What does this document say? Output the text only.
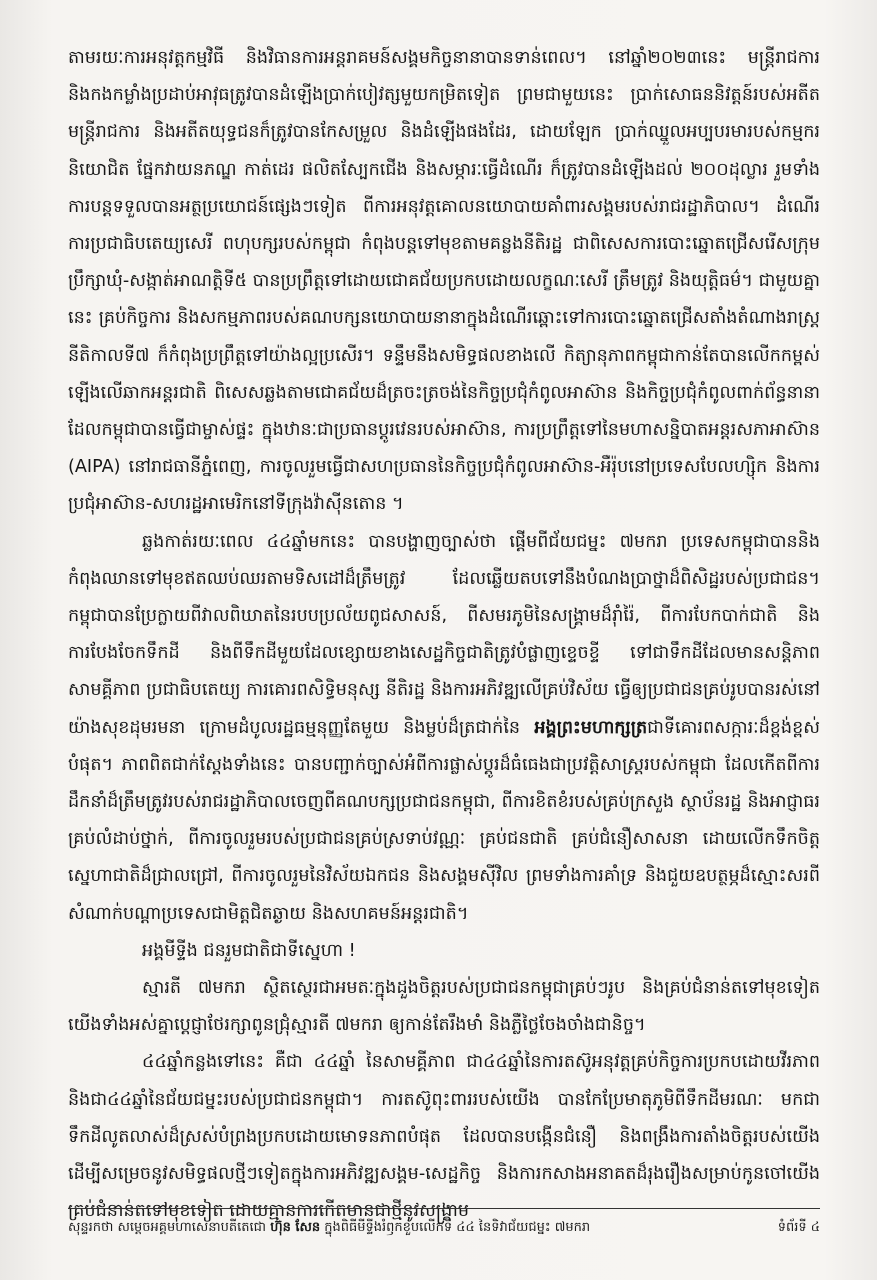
តាមរយៈការអនុវត្តកម្មវិធី និងវិធានការអន្តរាគមន៍សង្គមកិច្ចនានាបានទាន់ពេល។ នៅឆ្នាំ២០២៣នេះ មន្ត្រីរាជការ និងកងកម្លាំងប្រដាប់អាវុធត្រូវបានដំឡើងប្រាក់បៀវត្សមួយកម្រិតទៀត ព្រមជាមួយនេះ ប្រាក់សោធននិវត្តន៍របស់អតីតមន្ត្រីរាជការ និងអតីតយុទ្ធជនក៏ត្រូវបានកែសម្រួល និងដំឡើងផងដែរ, ដោយឡែក ប្រាក់ឈ្នួលអប្បបរមារបស់កម្មករ និយោជិត ផ្នែកវាយនភណ្ឌ កាត់ដេរ ផលិតស្បែកជើង និងសម្ភារៈធ្វើដំណើរ ក៏ត្រូវបានដំឡើងដល់ ២០០ដុល្លារ រួមទាំងការបន្តទទួលបានអត្ថប្រយោជន៍ផ្សេងៗទៀត ពីការអនុវត្តគោលនយោបាយគាំពារសង្គមរបស់រាជរដ្ឋាភិបាល។ ដំណើរការប្រជាធិបតេយ្យសេរី ពហុបក្សរបស់កម្ពុជា កំពុងបន្តទៅមុខតាមគន្លងនីតិរដ្ឋ ជាពិសេសការបោះឆ្នោតជ្រើសរើសក្រុមប្រឹក្សាឃុំ-សង្កាត់អាណត្តិទី៥ បានប្រព្រឹត្តទៅដោយជោគជ័យប្រកបដោយលក្ខណៈសេរី ត្រឹមត្រូវ និងយុត្តិធម៌។ ជាមួយគ្នានេះ គ្រប់កិច្ចការ និងសកម្មភាពរបស់គណបក្សនយោបាយនានាក្នុងដំណើរឆ្ពោះទៅការបោះឆ្នោតជ្រើសតាំងតំណាងរាស្ត្រនីតិកាលទី៧ ក៏កំពុងប្រព្រឹត្តទៅយ៉ាងល្អប្រសើរ។ ទន្ទឹមនឹងសមិទ្ធផលខាងលើ កិត្យានុភាពកម្ពុជាកាន់តែបានលើកកម្ពស់ឡើងលើឆាកអន្តរជាតិ ពិសេសឆ្លងតាមជោគជ័យដ៏ត្រចះត្រចង់នៃកិច្ចប្រជុំកំពូលអាស៊ាន និងកិច្ចប្រជុំកំពូលពាក់ព័ន្ធនានា ដែលកម្ពុជាបានធ្វើជាម្ចាស់ផ្ទះ ក្នុងឋានៈជាប្រធានប្តូរវេនរបស់អាស៊ាន, ការប្រព្រឹត្តទៅនៃមហាសន្និបាតអន្តរសភាអាស៊ាន (AIPA) នៅរាជធានីភ្នំពេញ, ការចូលរួមធ្វើជាសហប្រធាននៃកិច្ចប្រជុំកំពូលអាស៊ាន-អឺរ៉ុបនៅប្រទេសបែលហ្ស៊ិក និងការប្រជុំអាស៊ាន-សហរដ្ឋអាមេរិកនៅទីក្រុងវ៉ាស៊ីនតោន ។

ឆ្លងកាត់រយៈពេល ៤៤ឆ្នាំមកនេះ បានបង្ហាញច្បាស់ថា ផ្តើមពីជ័យជម្នះ ៧មករា ប្រទេសកម្ពុជាបាននិងកំពុងឈានទៅមុខឥតឈប់ឈរតាមទិសដៅដ៏ត្រឹមត្រូវ ដែលឆ្លើយតបទៅនឹងបំណងប្រាថ្នាដ៏ពិសិដ្ឋរបស់ប្រជាជន។ កម្ពុជាបានប្រែក្លាយពីវាលពិឃាតនៃរបបប្រល័យពូជសាសន៍, ពីសមរភូមិនៃសង្គ្រាមដ៏រ៉ាំរ៉ៃ, ពីការបែកបាក់ជាតិ និងការបែងចែកទឹកដី និងពីទឹកដីមួយដែលខ្សោយខាងសេដ្ឋកិច្ចជាតិត្រូវបំផ្លាញខ្ទេចខ្ទី ទៅជាទឹកដីដែលមានសន្តិភាព សាមគ្គីភាព ប្រជាធិបតេយ្យ ការគោរពសិទ្ធិមនុស្ស នីតិរដ្ឋ និងការអភិវឌ្ឍលើគ្រប់វិស័យ ធ្វើឲ្យប្រជាជនគ្រប់រូបបានរស់នៅយ៉ាងសុខដុមរមនា ក្រោមដំបូលរដ្ឋធម្មនុញ្ញតែមួយ និងម្លប់ដ៏ត្រជាក់នៃ អង្គព្រះមហាក្សត្រជាទីគោរពសក្ការៈដ៏ខ្ពង់ខ្ពស់បំផុត។ ភាពពិតជាក់ស្តែងទាំងនេះ បានបញ្ជាក់ច្បាស់អំពីការផ្លាស់ប្តូរដ៏ធំធេងជាប្រវត្តិសាស្ត្ររបស់កម្ពុជា ដែលកើតពីការដឹកនាំដ៏ត្រឹមត្រូវរបស់រាជរដ្ឋាភិបាលចេញពីគណបក្សប្រជាជនកម្ពុជា, ពីការខិតខំរបស់គ្រប់ក្រសួង ស្ថាប័នរដ្ឋ និងអាជ្ញាធរគ្រប់លំដាប់ថ្នាក់, ពីការចូលរួមរបស់ប្រជាជនគ្រប់ស្រទាប់វណ្ណៈ គ្រប់ជនជាតិ គ្រប់ជំនឿសាសនា ដោយលើកទឹកចិត្តស្នេហាជាតិដ៏ជ្រាលជ្រៅ, ពីការចូលរួមនៃវិស័យឯកជន និងសង្គមស៊ីវិល ព្រមទាំងការគាំទ្រ និងជួយឧបត្ថម្ភដ៏ស្មោះសរពីសំណាក់បណ្តាប្រទេសជាមិត្តជិតឆ្ងាយ និងសហគមន៍អន្តរជាតិ។

អង្គមីទ្ទីង ជនរួមជាតិជាទីស្នេហា !

ស្មារតី ៧មករា ស្ថិតស្ថេរជាអមតៈក្នុងដួងចិត្តរបស់ប្រជាជនកម្ពុជាគ្រប់ៗរូប និងគ្រប់ជំនាន់តទៅមុខទៀត យើងទាំងអស់គ្នាប្តេជ្ញាថែរក្សាពូនជ្រុំស្មារតី ៧មករា ឲ្យកាន់តែរឹងមាំ និងភ្លឺថ្លៃចែងចាំងជានិច្ច។

៤៤ឆ្នាំកន្លងទៅនេះ គឺជា ៤៤ឆ្នាំ នៃសាមគ្គីភាព ជា៤៤ឆ្នាំនៃការតស៊ូអនុវត្តគ្រប់កិច្ចការប្រកបដោយវីរភាព និងជា៤៤ឆ្នាំនៃជ័យជម្នះរបស់ប្រជាជនកម្ពុជា។ ការតស៊ូពុះពាររបស់យើង បានកែប្រែមាតុភូមិពីទឹកដីមរណៈ មកជាទឹកដីលូតលាស់ដ៏ស្រស់បំព្រងប្រកបដោយមោទនភាពបំផុត ដែលបានបង្កើនជំនឿ និងពង្រឹងការតាំងចិត្តរបស់យើង ដើម្បីសម្រេចនូវសមិទ្ធផលថ្មីៗទៀតក្នុងការអភិវឌ្ឍសង្គម-សេដ្ឋកិច្ច និងការកសាងអនាគតដ៏រុងរឿងសម្រាប់កូនចៅយើងគ្រប់ជំនាន់តទៅមុខទៀត ដោយគ្មានការកើតមានជាថ្មីនូវសង្គ្រាម

សុន្ទរកថា សម្តេចអគ្គមហាសេនាបតីតេជោ ហ៊ុន សែន ក្នុងពិធីមីទ្ទីងរំឭកខួបលើកទី ៤៤ នៃទិវាជ័យជម្នះ ៧មករា	ទំព័រទី ៤
